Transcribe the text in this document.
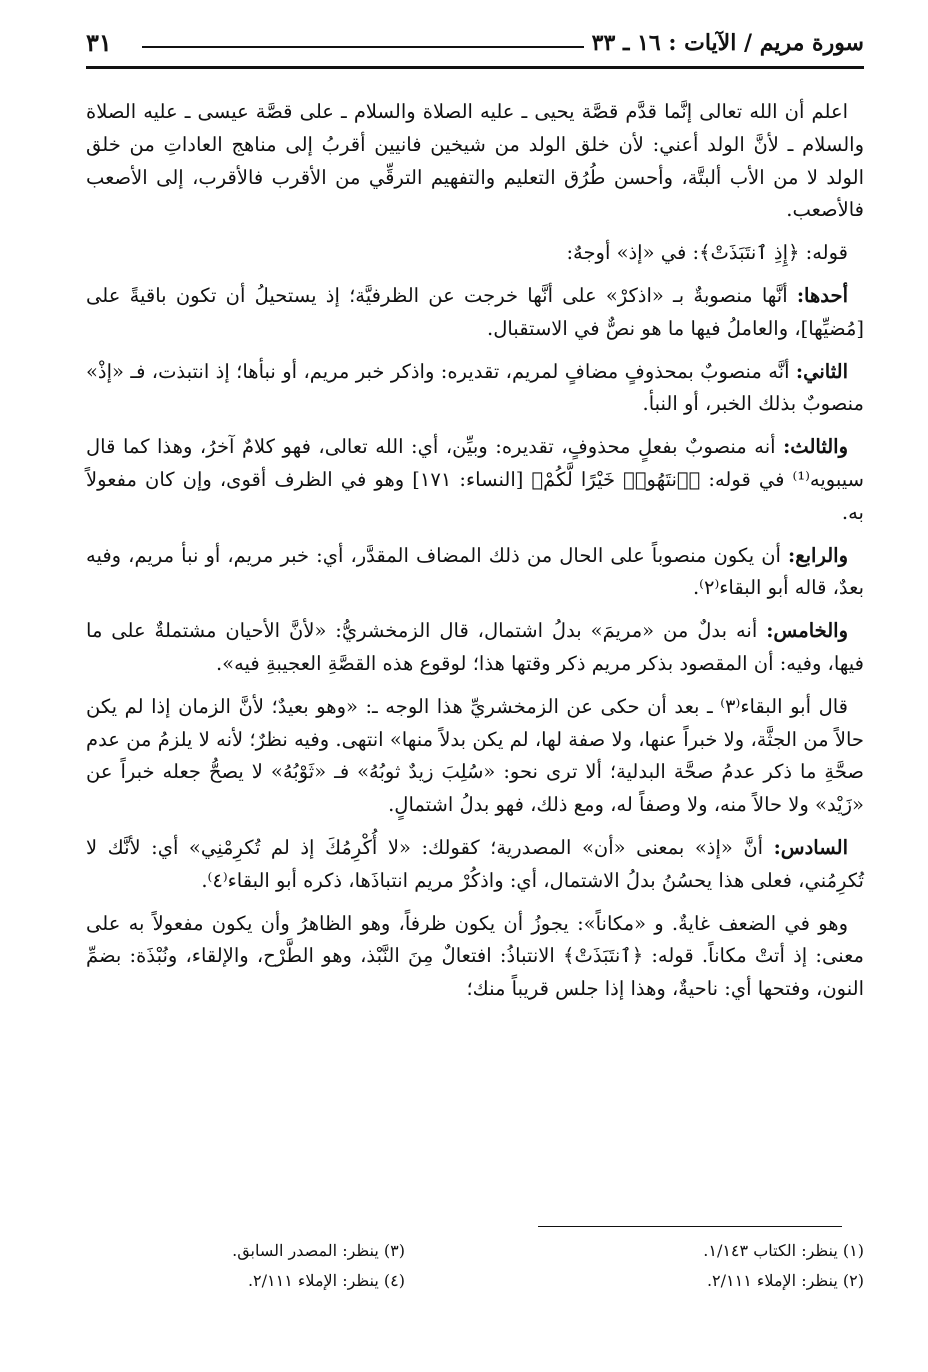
سورة مريم / الآيات : ١٦ ـ ٣٣
٣١

اعلم أن الله تعالى إنَّما قدَّم قصَّة يحيى ـ عليه الصلاة والسلام ـ على قصَّة عيسى ـ عليه الصلاة والسلام ـ لأنَّ الولد أعني: لأن خلق الولد من شيخين فانيين أقربُ إلى مناهج العاداتِ من خلق الولد لا من الأب ألبتَّة، وأحسن طُرُق التعليم والتفهيم الترقِّي من الأقرب فالأقرب، إلى الأصعب فالأصعب.

قوله: ﴿إِذِ ٱنتَبَذَتْ﴾: في «إذ» أوجهٌ:

أحدها: أنَّها منصوبةٌ بـ «اذكرْ» على أنَّها خرجت عن الظرفيَّة؛ إذ يستحيلُ أن تكون باقيةً على [مُضيِّها]، والعاملُ فيها ما هو نصٌّ في الاستقبال.

الثاني: أنَّه منصوبٌ بمحذوفٍ مضافٍ لمريم، تقديره: واذكر خبر مريم، أو نبأها؛ إذ انتبذت، فـ «إذْ» منصوبٌ بذلك الخبر، أو النبأ.

والثالث: أنه منصوبٌ بفعلٍ محذوفٍ، تقديره: وبيِّن، أي: الله تعالى، فهو كلامٌ آخرُ، وهذا كما قال سيبويه⁽¹⁾ في قوله: ﴿ٱنتَهُوا۟ خَيْرًا لَّكُمْ﴾ [النساء: ١٧١] وهو في الظرف أقوى، وإن كان مفعولاً به.

والرابع: أن يكون منصوباً على الحال من ذلك المضاف المقدَّر، أي: خبر مريم، أو نبأ مريم، وفيه بعدٌ، قاله أبو البقاء⁽٢⁾.

والخامس: أنه بدلٌ من «مريمَ» بدلُ اشتمال، قال الزمخشريُّ: «لأنَّ الأحيان مشتملةٌ على ما فيها، وفيه: أن المقصود بذكر مريم ذكر وقتها هذا؛ لوقوع هذه القصَّةِ العجيبةِ فيه».

قال أبو البقاء⁽٣⁾ ـ بعد أن حكى عن الزمخشريِّ هذا الوجه ـ: «وهو بعيدٌ؛ لأنَّ الزمان إذا لم يكن حالاً من الجثَّة، ولا خبراً عنها، ولا صفة لها، لم يكن بدلاً منها» انتهى. وفيه نظرٌ؛ لأنه لا يلزمُ من عدم صحَّةِ ما ذكر عدمُ صحَّة البدلية؛ ألا ترى نحو: «سُلِبَ زيدٌ ثوبُهُ» فـ «ثَوْبُهُ» لا يصحُّ جعله خبراً عن «زَيْد» ولا حالاً منه، ولا وصفاً له، ومع ذلك، فهو بدلُ اشتمالٍ.

السادس: أنَّ «إذ» بمعنى «أن» المصدرية؛ كقولك: «لا أُكْرِمُكَ إذ لم تُكرِمْنِي» أي: لأنَّك لا تُكرِمُني، فعلى هذا يحسُنُ بدلُ الاشتمال، أي: واذكُرْ مريم انتباذَها، ذكره أبو البقاء⁽٤⁾.

وهو في الضعف غايةٌ. و «مكاناً»: يجوزُ أن يكون ظرفاً، وهو الظاهرُ وأن يكون مفعولاً به على معنى: إذ أتتْ مكاناً. قوله: ﴿ٱنتَبَذَتْ﴾ الانتباذُ: افتعالٌ مِنَ النَّبْذ، وهو الطَّرْح، والإلقاء، ونُبْذَة: بضمِّ النون، وفتحها أي: ناحيةٌ، وهذا إذا جلس قريباً منك؛

(١) ينظر: الكتاب ١/١٤٣.
(٣) ينظر: المصدر السابق.
(٢) ينظر: الإملاء ٢/١١١.
(٤) ينظر: الإملاء ٢/١١١.
